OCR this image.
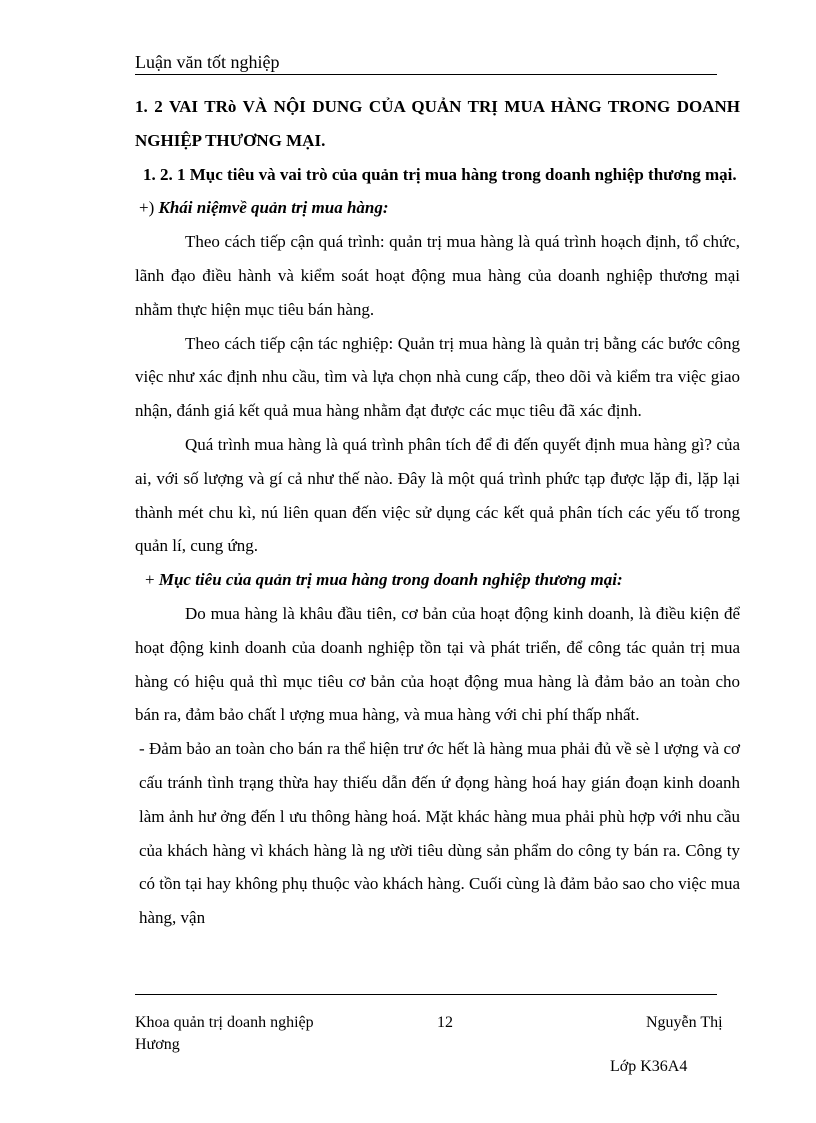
Luận văn tốt nghiệp

1. 2 VAI TRò VÀ NỘI DUNG CỦA QUẢN TRỊ MUA HÀNG TRONG DOANH NGHIỆP THƯƠNG MẠI.

1. 2. 1 Mục tiêu và vai trò của quản trị mua hàng trong doanh nghiệp thương mại.

+) Khái niệmvề quản trị mua hàng:

Theo cách tiếp cận quá trình: quản trị mua hàng là quá trình hoạch định, tổ chức, lãnh đạo điều hành và kiểm soát hoạt động mua hàng của doanh nghiệp thương mại nhằm thực hiện mục tiêu bán hàng.

Theo cách tiếp cận tác nghiệp: Quản trị mua hàng là quản trị bằng các bước công việc như xác định nhu cầu, tìm và lựa chọn nhà cung cấp, theo dõi và kiểm tra việc giao nhận, đánh giá kết quả mua hàng nhằm đạt được các mục tiêu đã xác định.

Quá trình mua hàng là quá trình phân tích để đi đến quyết định mua hàng gì? của ai, với số lượng và gí cả như thế nào. Đây là một quá trình phức tạp được lặp đi, lặp lại thành mét chu kì, nú liên quan đến việc sử dụng các kết quả phân tích các yếu tố trong quản lí, cung ứng.

+ Mục tiêu của quản trị mua hàng trong doanh nghiệp thương mại:

Do mua hàng là khâu đầu tiên, cơ bản của hoạt động kinh doanh, là điều kiện để hoạt động kinh doanh của doanh nghiệp tồn tại và phát triển, để công tác quản trị mua hàng có hiệu quả thì mục tiêu cơ bản của hoạt động mua hàng là đảm bảo an toàn cho bán ra, đảm bảo chất l ượng mua hàng, và mua hàng với chi phí thấp nhất.

- Đảm bảo an toàn cho bán ra thể hiện trư ớc hết là hàng mua phải đủ về sè l ượng và cơ cấu tránh tình trạng thừa hay thiếu dẫn đến ứ đọng hàng hoá hay gián đoạn kinh doanh làm ảnh hư ởng đến l ưu thông hàng hoá. Mặt khác hàng mua phải phù hợp với nhu cầu của khách hàng vì khách hàng là ng ười tiêu dùng sản phẩm do công ty bán ra. Công ty có tồn tại hay không phụ thuộc vào khách hàng. Cuối cùng là đảm bảo sao cho việc mua hàng, vận

Khoa quản trị doanh nghiệp	12	Nguyễn Thị
Hương
Lớp K36A4
